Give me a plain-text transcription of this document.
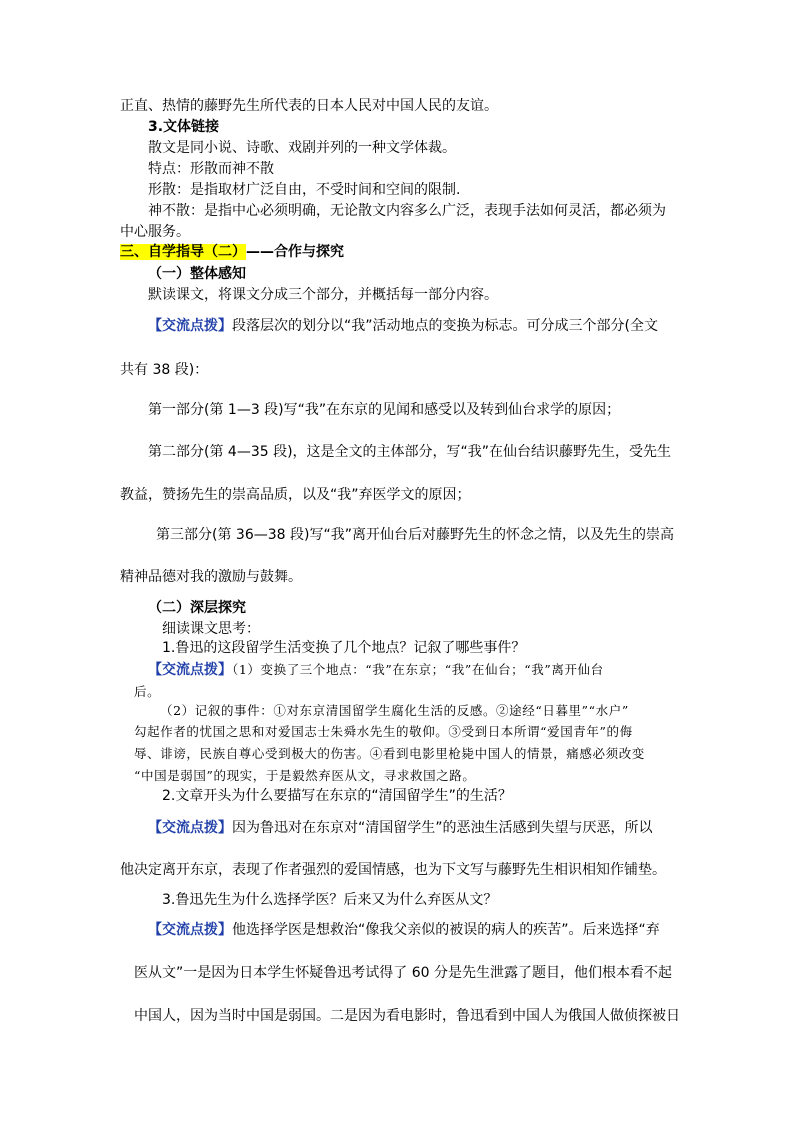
正直、热情的藤野先生所代表的日本人民对中国人民的友谊。
3.文体链接
散文是同小说、诗歌、戏剧并列的一种文学体裁。
特点：形散而神不散
形散：是指取材广泛自由，不受时间和空间的限制.
神不散：是指中心必须明确，无论散文内容多么广泛，表现手法如何灵活，都必须为
中心服务。
三、自学指导（二）——合作与探究
（一）整体感知
默读课文，将课文分成三个部分，并概括每一部分内容。
【交流点拨】段落层次的划分以“我”活动地点的变换为标志。可分成三个部分(全文
共有 38 段)：
第一部分(第 1—3 段)写“我”在东京的见闻和感受以及转到仙台求学的原因；
第二部分(第 4—35 段)，这是全文的主体部分，写“我”在仙台结识藤野先生，受先生
教益，赞扬先生的崇高品质，以及“我”弃医学文的原因；
第三部分(第 36—38 段)写“我”离开仙台后对藤野先生的怀念之情，以及先生的崇高
精神品德对我的激励与鼓舞。
（二）深层探究
细读课文思考：
1.鲁迅的这段留学生活变换了几个地点？记叙了哪些事件？
【交流点拨】（1）变换了三个地点：“我”在东京；“我”在仙台；“我”离开仙台
后。
（2）记叙的事件：①对东京清国留学生腐化生活的反感。②途经“日暮里”“水户”
勾起作者的忧国之思和对爱国志士朱舜水先生的敬仰。③受到日本所谓“爱国青年”的侮
辱、诽谤，民族自尊心受到极大的伤害。④看到电影里枪毙中国人的情景，痛感必须改变
“中国是弱国”的现实，于是毅然弃医从文，寻求救国之路。
2.文章开头为什么要描写在东京的“清国留学生”的生活？
【交流点拨】因为鲁迅对在东京对“清国留学生”的恶浊生活感到失望与厌恶，所以
他决定离开东京，表现了作者强烈的爱国情感，也为下文写与藤野先生相识相知作铺垫。
3.鲁迅先生为什么选择学医？后来又为什么弃医从文？
【交流点拨】他选择学医是想救治“像我父亲似的被误的病人的疾苦”。后来选择“弃
医从文”一是因为日本学生怀疑鲁迅考试得了 60 分是先生泄露了题目，他们根本看不起
中国人，因为当时中国是弱国。二是因为看电影时，鲁迅看到中国人为俄国人做侦探被日
